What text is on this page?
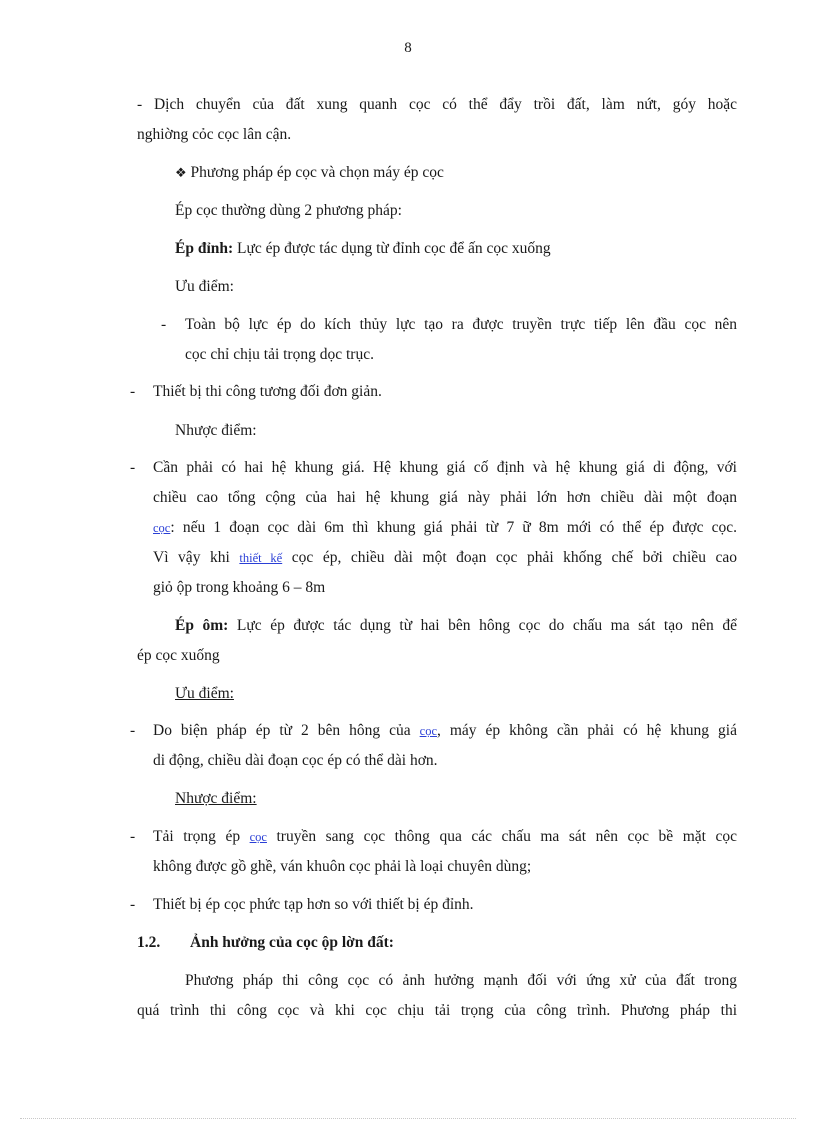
8
- Dịch chuyển của đất xung quanh cọc có thể đẩy trồi đất, làm nứt, góy hoặc
nghiờng cỏc cọc lân cận.
❖ Phương pháp ép cọc và chọn máy ép cọc
Ép cọc thường dùng 2 phương pháp:
Ép đỉnh: Lực ép được tác dụng từ đỉnh cọc để ấn cọc xuống
Ưu điểm:
- Toàn bộ lực ép do kích thủy lực tạo ra được truyền trực tiếp lên đầu cọc nên
cọc chỉ chịu tải trọng dọc trục.
- Thiết bị thi công tương đối đơn giản.
Nhược điểm:
- Cần phải có hai hệ khung giá. Hệ khung giá cố định và hệ khung giá di động, với
chiều cao tổng cộng của hai hệ khung giá này phải lớn hơn chiều dài một đoạn
cọc: nếu 1 đoạn cọc dài 6m thì khung giá phải từ 7 ữ 8m mới có thể ép được cọc.
Vì vậy khi thiết kế cọc ép, chiều dài một đoạn cọc phải khống chế bởi chiều cao
giỏ ộp trong khoảng 6 – 8m
Ép ôm: Lực ép được tác dụng từ hai bên hông cọc do chấu ma sát tạo nên để
ép cọc xuống
Ưu điểm:
- Do biện pháp ép từ 2 bên hông của cọc, máy ép không cần phải có hệ khung giá
di động, chiều dài đoạn cọc ép có thể dài hơn.
Nhược điểm:
- Tải trọng ép cọc truyền sang cọc thông qua các chấu ma sát nên cọc bề mặt cọc
không được gồ ghề, ván khuôn cọc phải là loại chuyên dùng;
- Thiết bị ép cọc phức tạp hơn so với thiết bị ép đỉnh.
1.2. Ảnh hưởng của cọc ộp lờn đất:
Phương pháp thi công cọc có ảnh hưởng mạnh đối với ứng xử của đất trong
quá trình thi công cọc và khi cọc chịu tải trọng của công trình. Phương pháp thi
